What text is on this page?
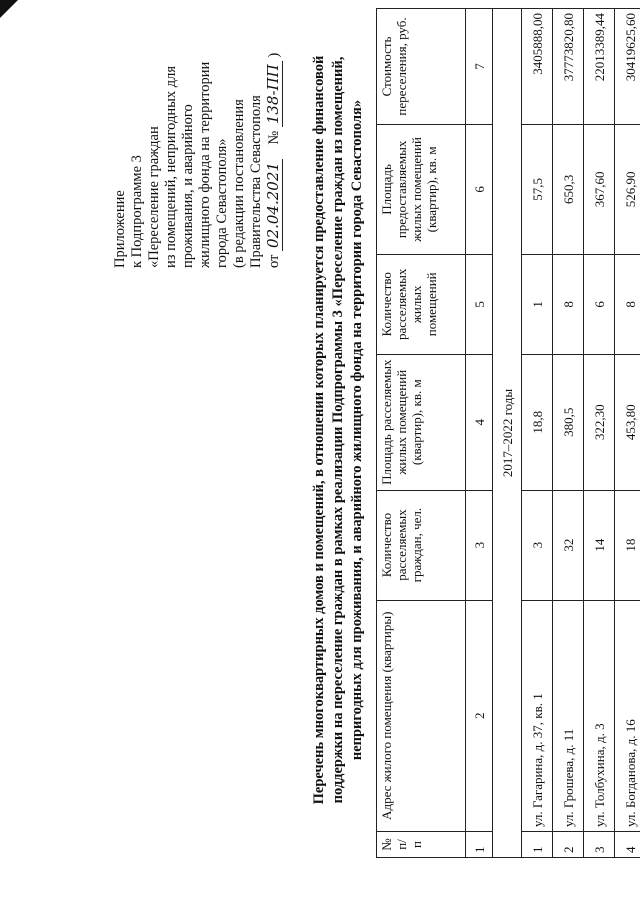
Приложение к Подпрограмме 3 «Переселение граждан из помещений, непригодных для проживания, и аварийного жилищного фонда на территории города Севастополя» (в редакции постановления Правительства Севастополя от 02.04.2021    № 138-ПП )
Перечень многоквартирных домов и помещений, в отношении которых планируется предоставление финансовой поддержки на переселение граждан в рамках реализации Подпрограммы 3 «Переселение граждан из помещений, непригодных для проживания, и аварийного жилищного фонда на территории города Севастополя»
№ п/п	Адрес жилого помещения (квартиры)	Количество расселяемых граждан, чел.	Площадь расселяемых жилых помещений (квартир), кв. м	Количество расселяемых жилых помещений	Площадь предоставляемых жилых помещений (квартир), кв. м	Стоимость переселения, руб.
1	2	3	4	5	6	7
2017–2022 годы						
1	ул. Гагарина, д. 37, кв. 1	3	18,8	1	57,5	3405888,00
2	ул. Грошева, д. 11	32	380,5	8	650,3	37773820,80
3	ул. Толбухина, д. 3	14	322,30	6	367,60	22013389,44
4	ул. Богданова, д. 16	18	453,80	8	526,90	30419625,60
